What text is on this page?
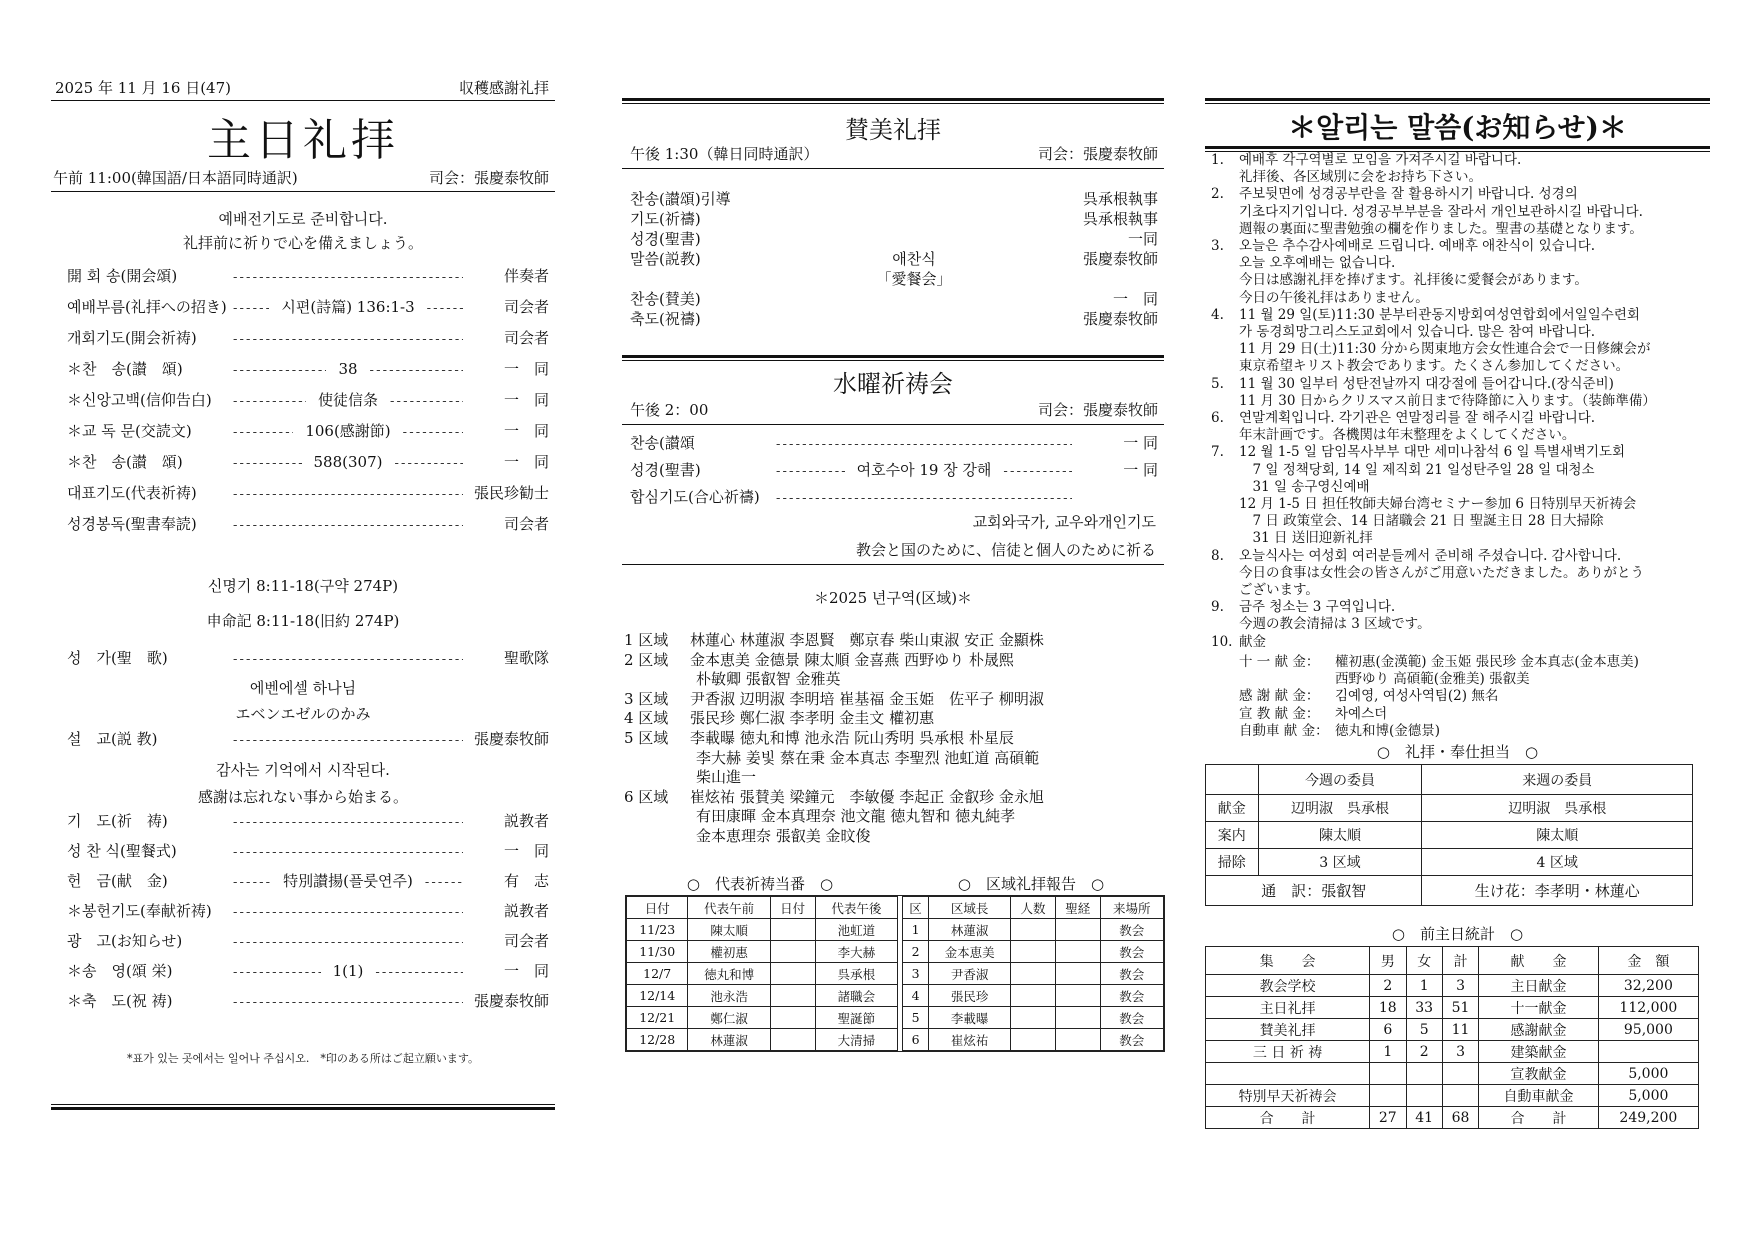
2025 年 11 月 16 日(47)	収穫感謝礼拝
主日礼拝
午前 11:00(韓国語/日本語同時通訳)	司会：張慶泰牧師
예배전기도로 준비합니다.
礼拝前に祈りで心を備えましょう。
開 회 송(開会頌) - - -	伴奏者
예배부름(礼拝への招き) - - -	시편(詩篇) 136:1-3 - - -	司会者
개회기도(開会祈祷) - - -	司会者
＊찬　송(讃　頌) - - -	38 - - -	一　同
＊신앙고백(信仰告白) - - -	使徒信条 - - -	一　同
＊교 독 문(交読文) - - -	106(感謝節) - - -	一　同
＊찬　송(讃　頌) - - -	588(307) - - -	一　同
대표기도(代表祈祷) - - -	張民珍勧士
성경봉독(聖書奉読) - - -	司会者
신명기 8:11-18(구약 274P)
申命記 8:11-18(旧約 274P)
성　가(聖　歌) - - -	聖歌隊
에벤에셀 하나님
エベンエゼルのかみ
설　교(説 教) - - -	張慶泰牧師
감사는 기억에서 시작된다.
感謝は忘れない事から始まる。
기　도(祈　祷) - - -	説教者
성 찬 식(聖餐式) - - -	一　同
헌　금(献　金) - - -	特別讃揚(플룻연주) - - -	有　志
＊봉헌기도(奉献祈祷) - - -	説教者
광　고(お知らせ) - - -	司会者
＊송　영(頌 栄) - - -	1(1) - - -	一　同
＊축　도(祝 祷) - - -	張慶泰牧師
*표가 있는 곳에서는 일어나 주십시오.　*印のある所はご起立願います。
賛美礼拝
午後 1:30（韓日同時通訳）	司会：張慶泰牧師
찬송(讃頌)引導	呉承根執事
기도(祈禱)	呉承根執事
성경(聖書)	一同
말씀(説教)	애찬식	張慶泰牧師
「愛餐会」
찬송(賛美)	一　同
축도(祝禱)	張慶泰牧師
水曜祈祷会
午後 2：00	司会：張慶泰牧師
찬송(讃頌 - - -	一 同
성경(聖書) - - -	여호수아 19 장 강해 - - -	一 同
합심기도(合心祈禱)
- - -
교회와국가, 교우와개인기도
教会と国のために、信徒と個人のために祈る
＊2025 년구역(区域)＊
1 区域	林蓮心 林蓮淑 李恩賢　鄭京春 柴山東淑 安正 金顯株
2 区域	金本恵美 金德景 陳太順 金喜燕 西野ゆり 朴晟熙
朴敏卿 張叡智 金雅英
3 区域	尹香淑 辺明淑 李明培 崔基福 金玉姫　佐平子 柳明淑
4 区域	張民珍 鄭仁淑 李孝明 金圭文 權初惠
5 区域	李載曝 徳丸和博 池永浩 阮山秀明 呉承根 朴星辰
李大赫 姜빛 蔡在秉 金本真志 李聖烈 池虹道 高碩範
柴山進一
6 区域	崔炫祐 張賛美 梁鐘元　李敏優 李起正 金叡珍 金永旭
有田康暉 金本真理奈 池文龍 徳丸智和 徳丸純孝
金本恵理奈 張叡美 金旼俊
○　代表祈祷当番　○	○　区域礼拝報告　○
日付	代表午前	日付	代表午後
11/23	陳太順		池虹道
11/30	權初惠		李大赫
12/7	徳丸和博		呉承根
12/14	池永浩		諸職会
12/21	鄭仁淑		聖誕節
12/28	林蓮淑		大清掃
区	区域長	人数	聖経	来場所
1	林蓮淑			教会
2	金本恵美			教会
3	尹香淑			教会
4	張民珍			教会
5	李載曝			教会
6	崔炫祐			教会
＊알리는 말씀(お知らせ)＊
1. 예배후 각구역별로 모임을 가져주시길 바랍니다.
礼拝後、各区域別に会をお持ち下さい。
2. 주보뒷면에 성경공부란을 잘 활용하시기 바랍니다. 성경의
기초다지기입니다. 성경공부부분을 잘라서 개인보관하시길 바랍니다.
週報の裏面に聖書勉強の欄を作りました。聖書の基礎となります。
3. 오늘은 추수감사예배로 드립니다. 예배후 애찬식이 있습니다.
오늘 오후예배는 없습니다.
今日は感謝礼拝を捧げます。礼拝後に愛餐会があります。
今日の午後礼拝はありません。
4. 11 월 29 일(토)11:30 분부터관동지방회여성연합회에서일일수련회
가 동경희망그리스도교회에서 있습니다. 많은 참여 바랍니다.
11 月 29 日(土)11:30 分から関東地方会女性連合会で一日修練会が
東京希望キリスト教会であります。たくさん参加してください。
5. 11 월 30 일부터 성탄전날까지 대강절에 들어갑니다.(장식준비)
11 月 30 日からクリスマス前日まで待降節に入ります。（装飾準備）
6. 연말계획입니다. 각기관은 연말정리를 잘 해주시길 바랍니다.
年末計画です。各機関は年末整理をよくしてください。
7. 12 월 1-5 일 담임목사부부 대만 세미나참석 6 일 특별새벽기도회
　7 일 정책당회, 14 일 제직회 21 일성탄주일 28 일 대청소
　31 일 송구영신예배
12 月 1-5 日 担任牧師夫婦台湾セミナー参加 6 日特別早天祈祷会
　7 日 政策堂会、14 日諸職会 21 日 聖誕主日 28 日大掃除
　31 日 送旧迎新礼拝
8. 오늘식사는 여성회 여러분들께서 준비해 주셨습니다. 감사합니다.
今日の食事は女性会の皆さんがご用意いただきました。ありがとう
ございます。
9. 금주 청소는 3 구역입니다.
今週の教会清掃は 3 区域です。
10. 献金
十 一 献 金： 權初惠(金漢範) 金玉姫 張民珍 金本真志(金本恵美)
西野ゆり 高碩範(金雅美) 張叡美
感 謝 献 金： 김예영, 여성사역팀(2) 無名
宣 教 献 金： 차예스더
自動車 献 金： 徳丸和博(金德景)
○　礼拝・奉仕担当　○
	今週の委員	来週の委員
献金	辺明淑　呉承根	辺明淑　呉承根
案内	陳太順	陳太順
掃除	3 区域	4 区域
通　訳：張叡智		生け花：李孝明・林蓮心
○　前主日統計　○
集　　会	男	女	計	献　　金	金　額
教会学校	2	1	3	主日献金	32,200
主日礼拝	18	33	51	十一献金	112,000
賛美礼拝	6	5	11	感謝献金	95,000
三 日 祈 祷	1	2	3	建築献金	
				宣教献金	5,000
特別早天祈祷会				自動車献金	5,000
合　　計	27	41	68	合　　計	249,200
